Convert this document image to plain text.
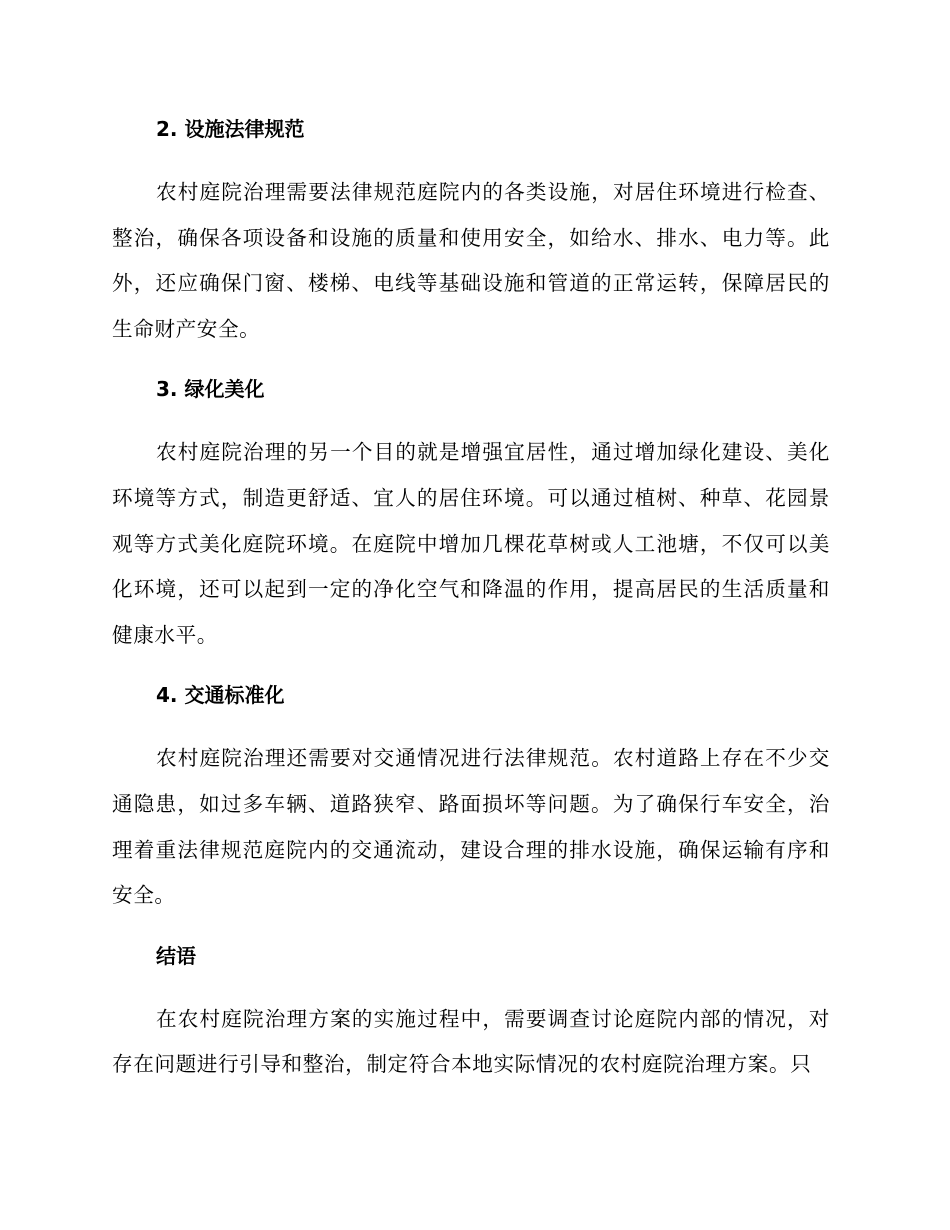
2. 设施法律规范

农村庭院治理需要法律规范庭院内的各类设施，对居住环境进行检查、整治，确保各项设备和设施的质量和使用安全，如给水、排水、电力等。此外，还应确保门窗、楼梯、电线等基础设施和管道的正常运转，保障居民的生命财产安全。

3. 绿化美化

农村庭院治理的另一个目的就是增强宜居性，通过增加绿化建设、美化环境等方式，制造更舒适、宜人的居住环境。可以通过植树、种草、花园景观等方式美化庭院环境。在庭院中增加几棵花草树或人工池塘，不仅可以美化环境，还可以起到一定的净化空气和降温的作用，提高居民的生活质量和健康水平。

4. 交通标准化

农村庭院治理还需要对交通情况进行法律规范。农村道路上存在不少交通隐患，如过多车辆、道路狭窄、路面损坏等问题。为了确保行车安全，治理着重法律规范庭院内的交通流动，建设合理的排水设施，确保运输有序和安全。

结语

在农村庭院治理方案的实施过程中，需要调查讨论庭院内部的情况，对存在问题进行引导和整治，制定符合本地实际情况的农村庭院治理方案。只
